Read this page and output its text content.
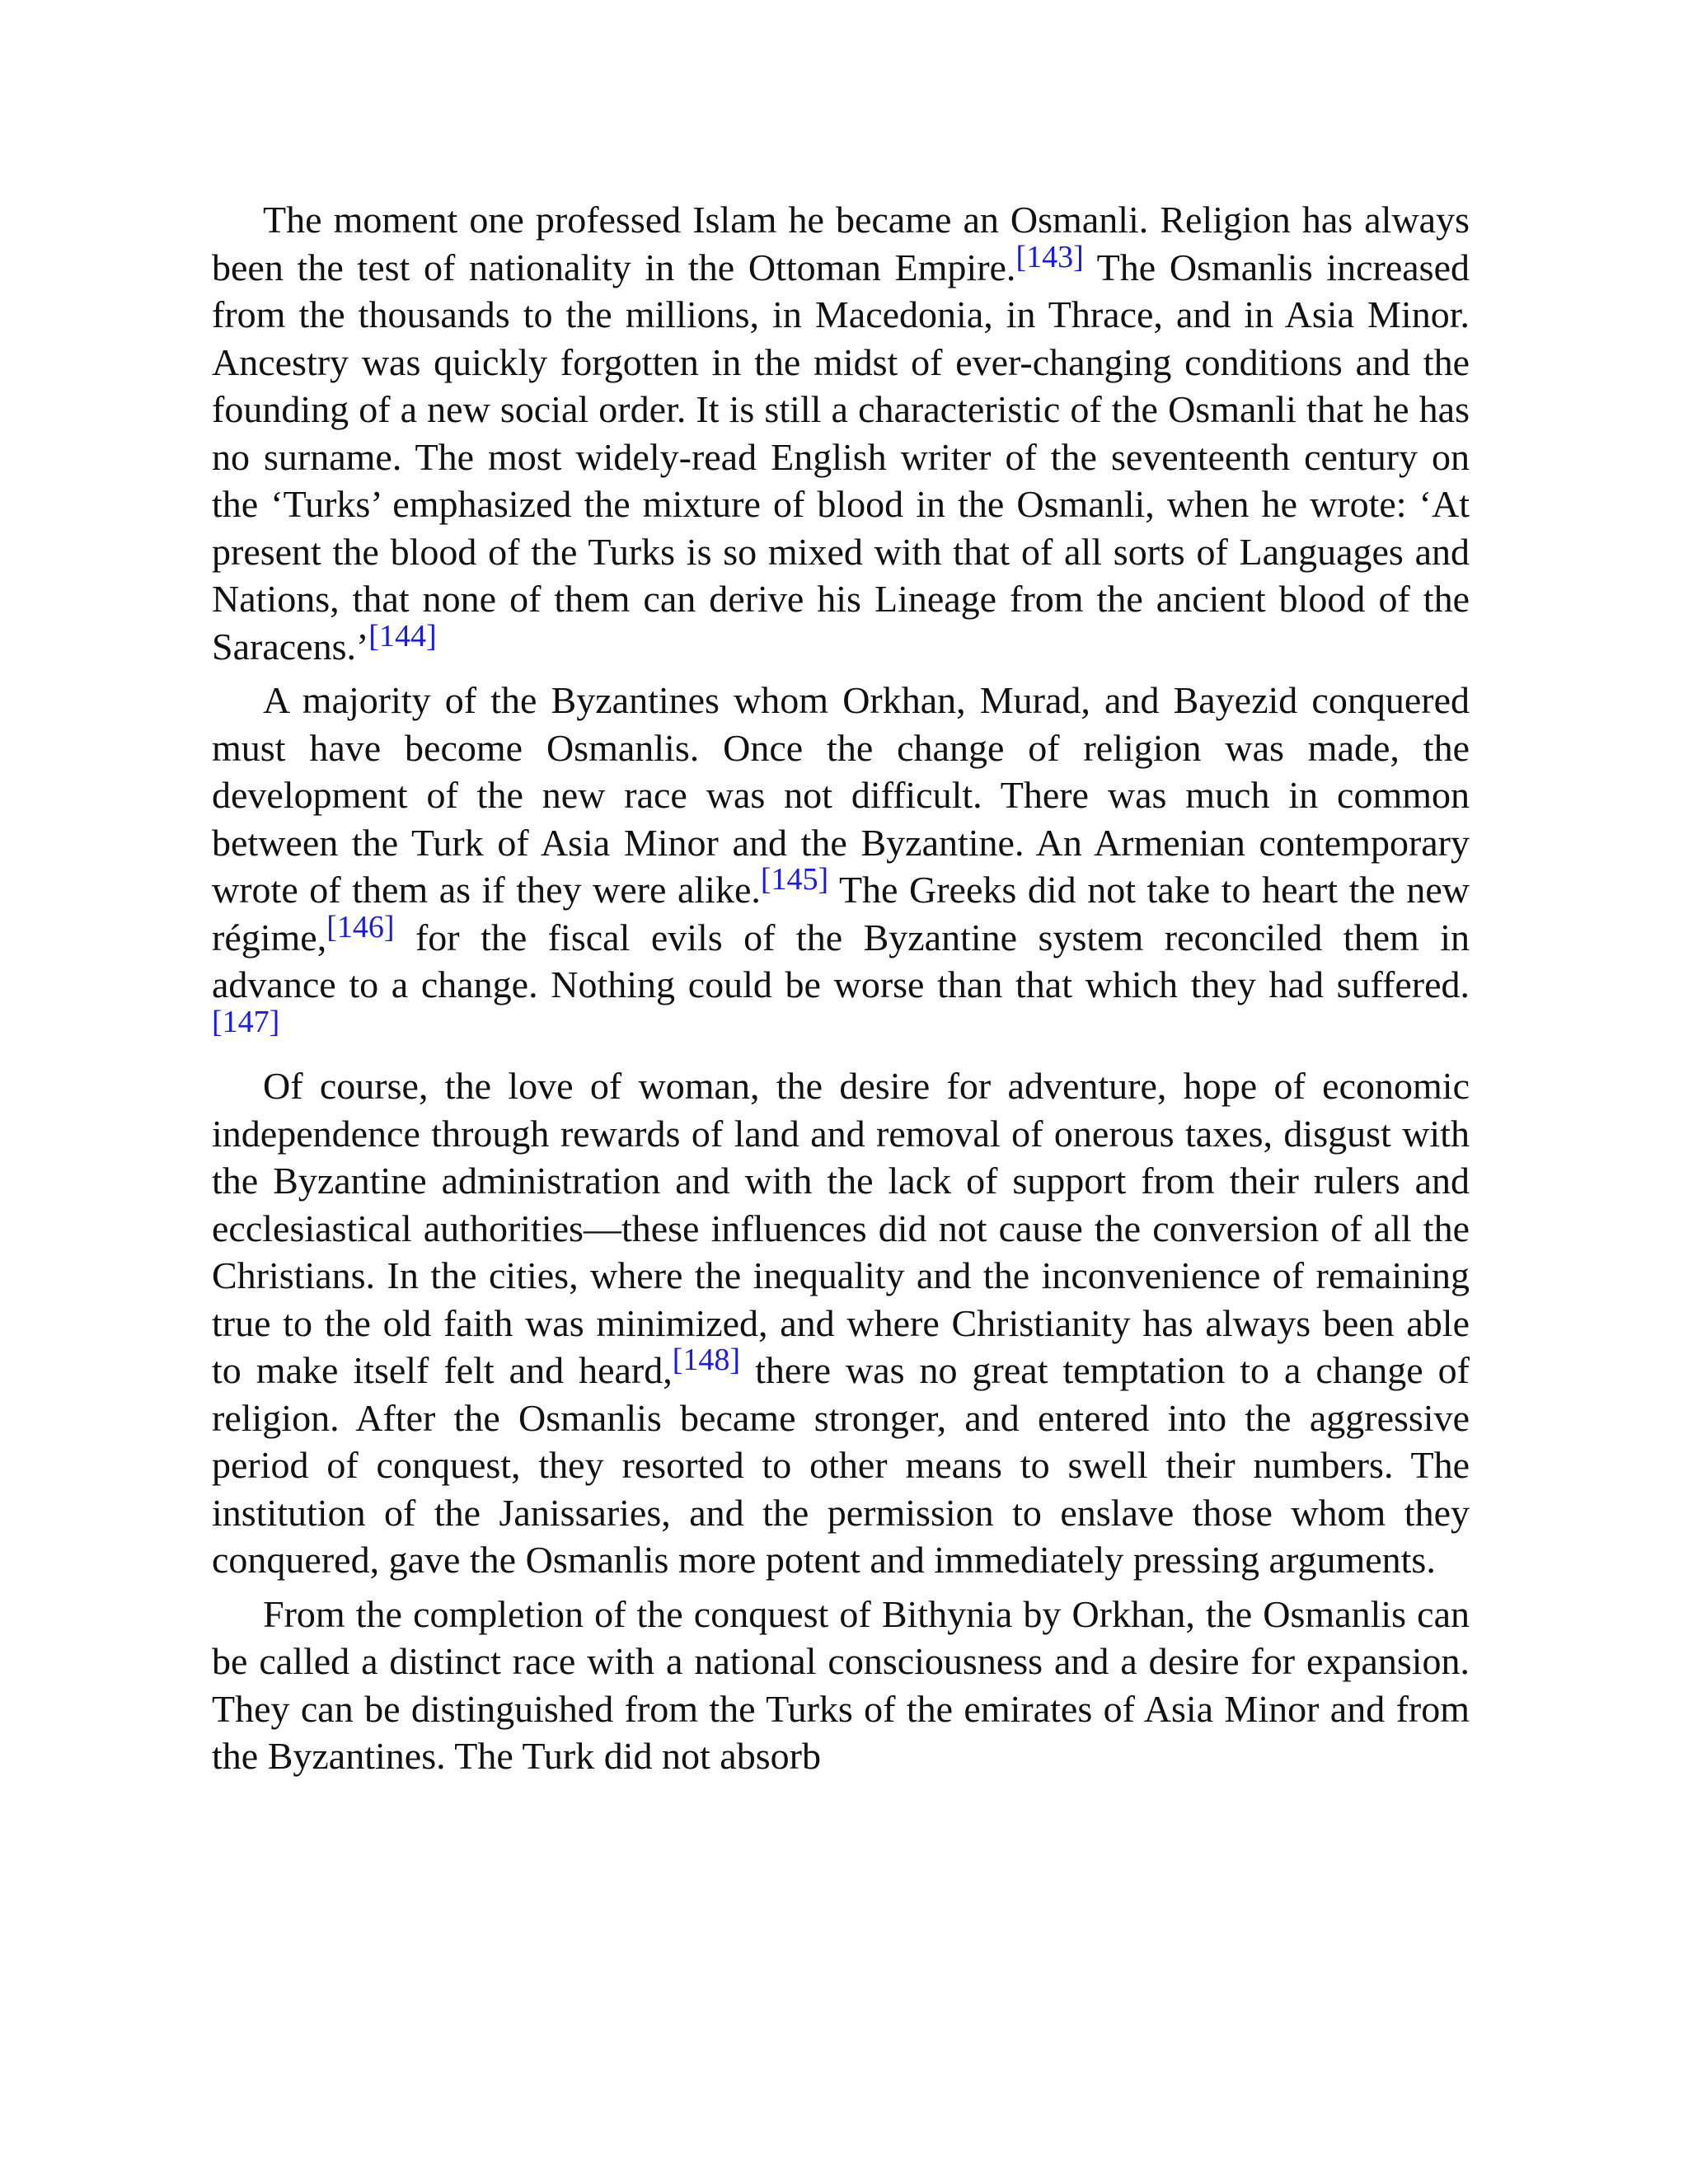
The moment one professed Islam he became an Osmanli. Religion has always been the test of nationality in the Ottoman Empire.[143] The Osmanlis increased from the thousands to the millions, in Macedonia, in Thrace, and in Asia Minor. Ancestry was quickly forgotten in the midst of ever-changing conditions and the founding of a new social order. It is still a characteristic of the Osmanli that he has no surname. The most widely-read English writer of the seventeenth century on the ‘Turks’ emphasized the mixture of blood in the Osmanli, when he wrote: ‘At present the blood of the Turks is so mixed with that of all sorts of Languages and Nations, that none of them can derive his Lineage from the ancient blood of the Saracens.’[144]

A majority of the Byzantines whom Orkhan, Murad, and Bayezid conquered must have become Osmanlis. Once the change of religion was made, the development of the new race was not difficult. There was much in common between the Turk of Asia Minor and the Byzantine. An Armenian contemporary wrote of them as if they were alike.[145] The Greeks did not take to heart the new régime,[146] for the fiscal evils of the Byzantine system reconciled them in advance to a change. Nothing could be worse than that which they had suffered.[147]

Of course, the love of woman, the desire for adventure, hope of economic independence through rewards of land and removal of onerous taxes, disgust with the Byzantine administration and with the lack of support from their rulers and ecclesiastical authorities—these influences did not cause the conversion of all the Christians. In the cities, where the inequality and the inconvenience of remaining true to the old faith was minimized, and where Christianity has always been able to make itself felt and heard,[148] there was no great temptation to a change of religion. After the Osmanlis became stronger, and entered into the aggressive period of conquest, they resorted to other means to swell their numbers. The institution of the Janissaries, and the permission to enslave those whom they conquered, gave the Osmanlis more potent and immediately pressing arguments.

From the completion of the conquest of Bithynia by Orkhan, the Osmanlis can be called a distinct race with a national consciousness and a desire for expansion. They can be distinguished from the Turks of the emirates of Asia Minor and from the Byzantines. The Turk did not absorb
